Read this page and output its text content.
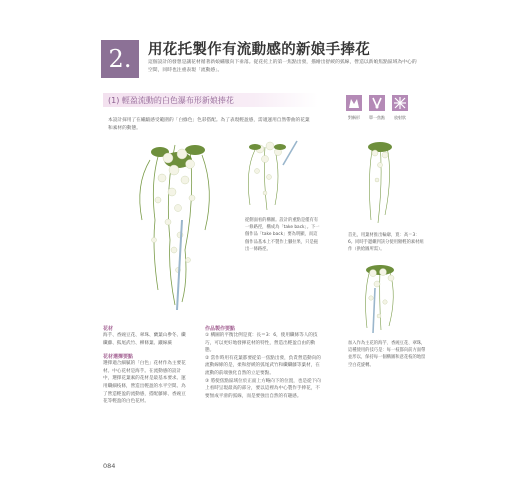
2.	用花托製作有流動感的新娘手捧花
這個設計的發想是讓花材循著新娘繡服向下垂落。從花托上的第一焦點出發，描繪出舒緩的弧線，營造以新娘焦點區域為中心的空間，同時也注重表現「流動感」。
(1) 輕盈流動的白色瀑布形新娘捧花
本設計採用了在繡緞感受範圍的「白綠色」色彩搭配。為了表現輕盈感，需適運用自然帶曲的花葉和素材的動態。
對稱形	單一焦點	放射狀
從側面看的構圖。設計的重點是僅有有一條路徑，構成為「take back」。下一個作品「take back」要為明顯，而這個作品基本上不製作上腳拉果，只是拖出一條路徑。
首先，用葉材推出輪廓，寬：高＝3：6。同時手邊繼到該分使用額輕的素材組作（供給圖所需）。
加入作為主花的海芋、香豌豆花、翠珠，這種使用的技巧是：每一枝都向前方面帶並形以，保持每一個構圖和意花枝的地留空白花旋轉。
花材
海芋、香豌豆花、翠珠、蘭葉山參冬、纖纖藤、狐尾武竹、柳條葉、鐵線蕨
花材選擇要點
選擇適合細膩的「白色」花材作為主要花材。中心花材是海芋。在流動感的設計中，選擇花葉素的花材是最基本要求。運用纖細枝條，營造出輕盈的水平空間。為了營造輕盈的流動感，搭配藤條、香豌豆花等輕盈的白色花材。
作品製作要點
① 構圖的平衡比例是寬：長＝3：6，使用纖條等人的技巧，可以更好地發揮花材的特性，營造出輕盈自由的動態。
② 當作時用有花葉都要從第一焦點出發，負責營造動向的流動線條的是，柔和舒緩的弧尾武竹和纖纖藤等葉材，在流動的前端強化自然的立足要點。
③ 將使焦點區域位於正面上方略向下的位置，也是從下向上看時呈現最高的部分，要以這裡為中心製作手捧花，不要無成平滑的弧線，而是要強出自然的有趣感。
084
